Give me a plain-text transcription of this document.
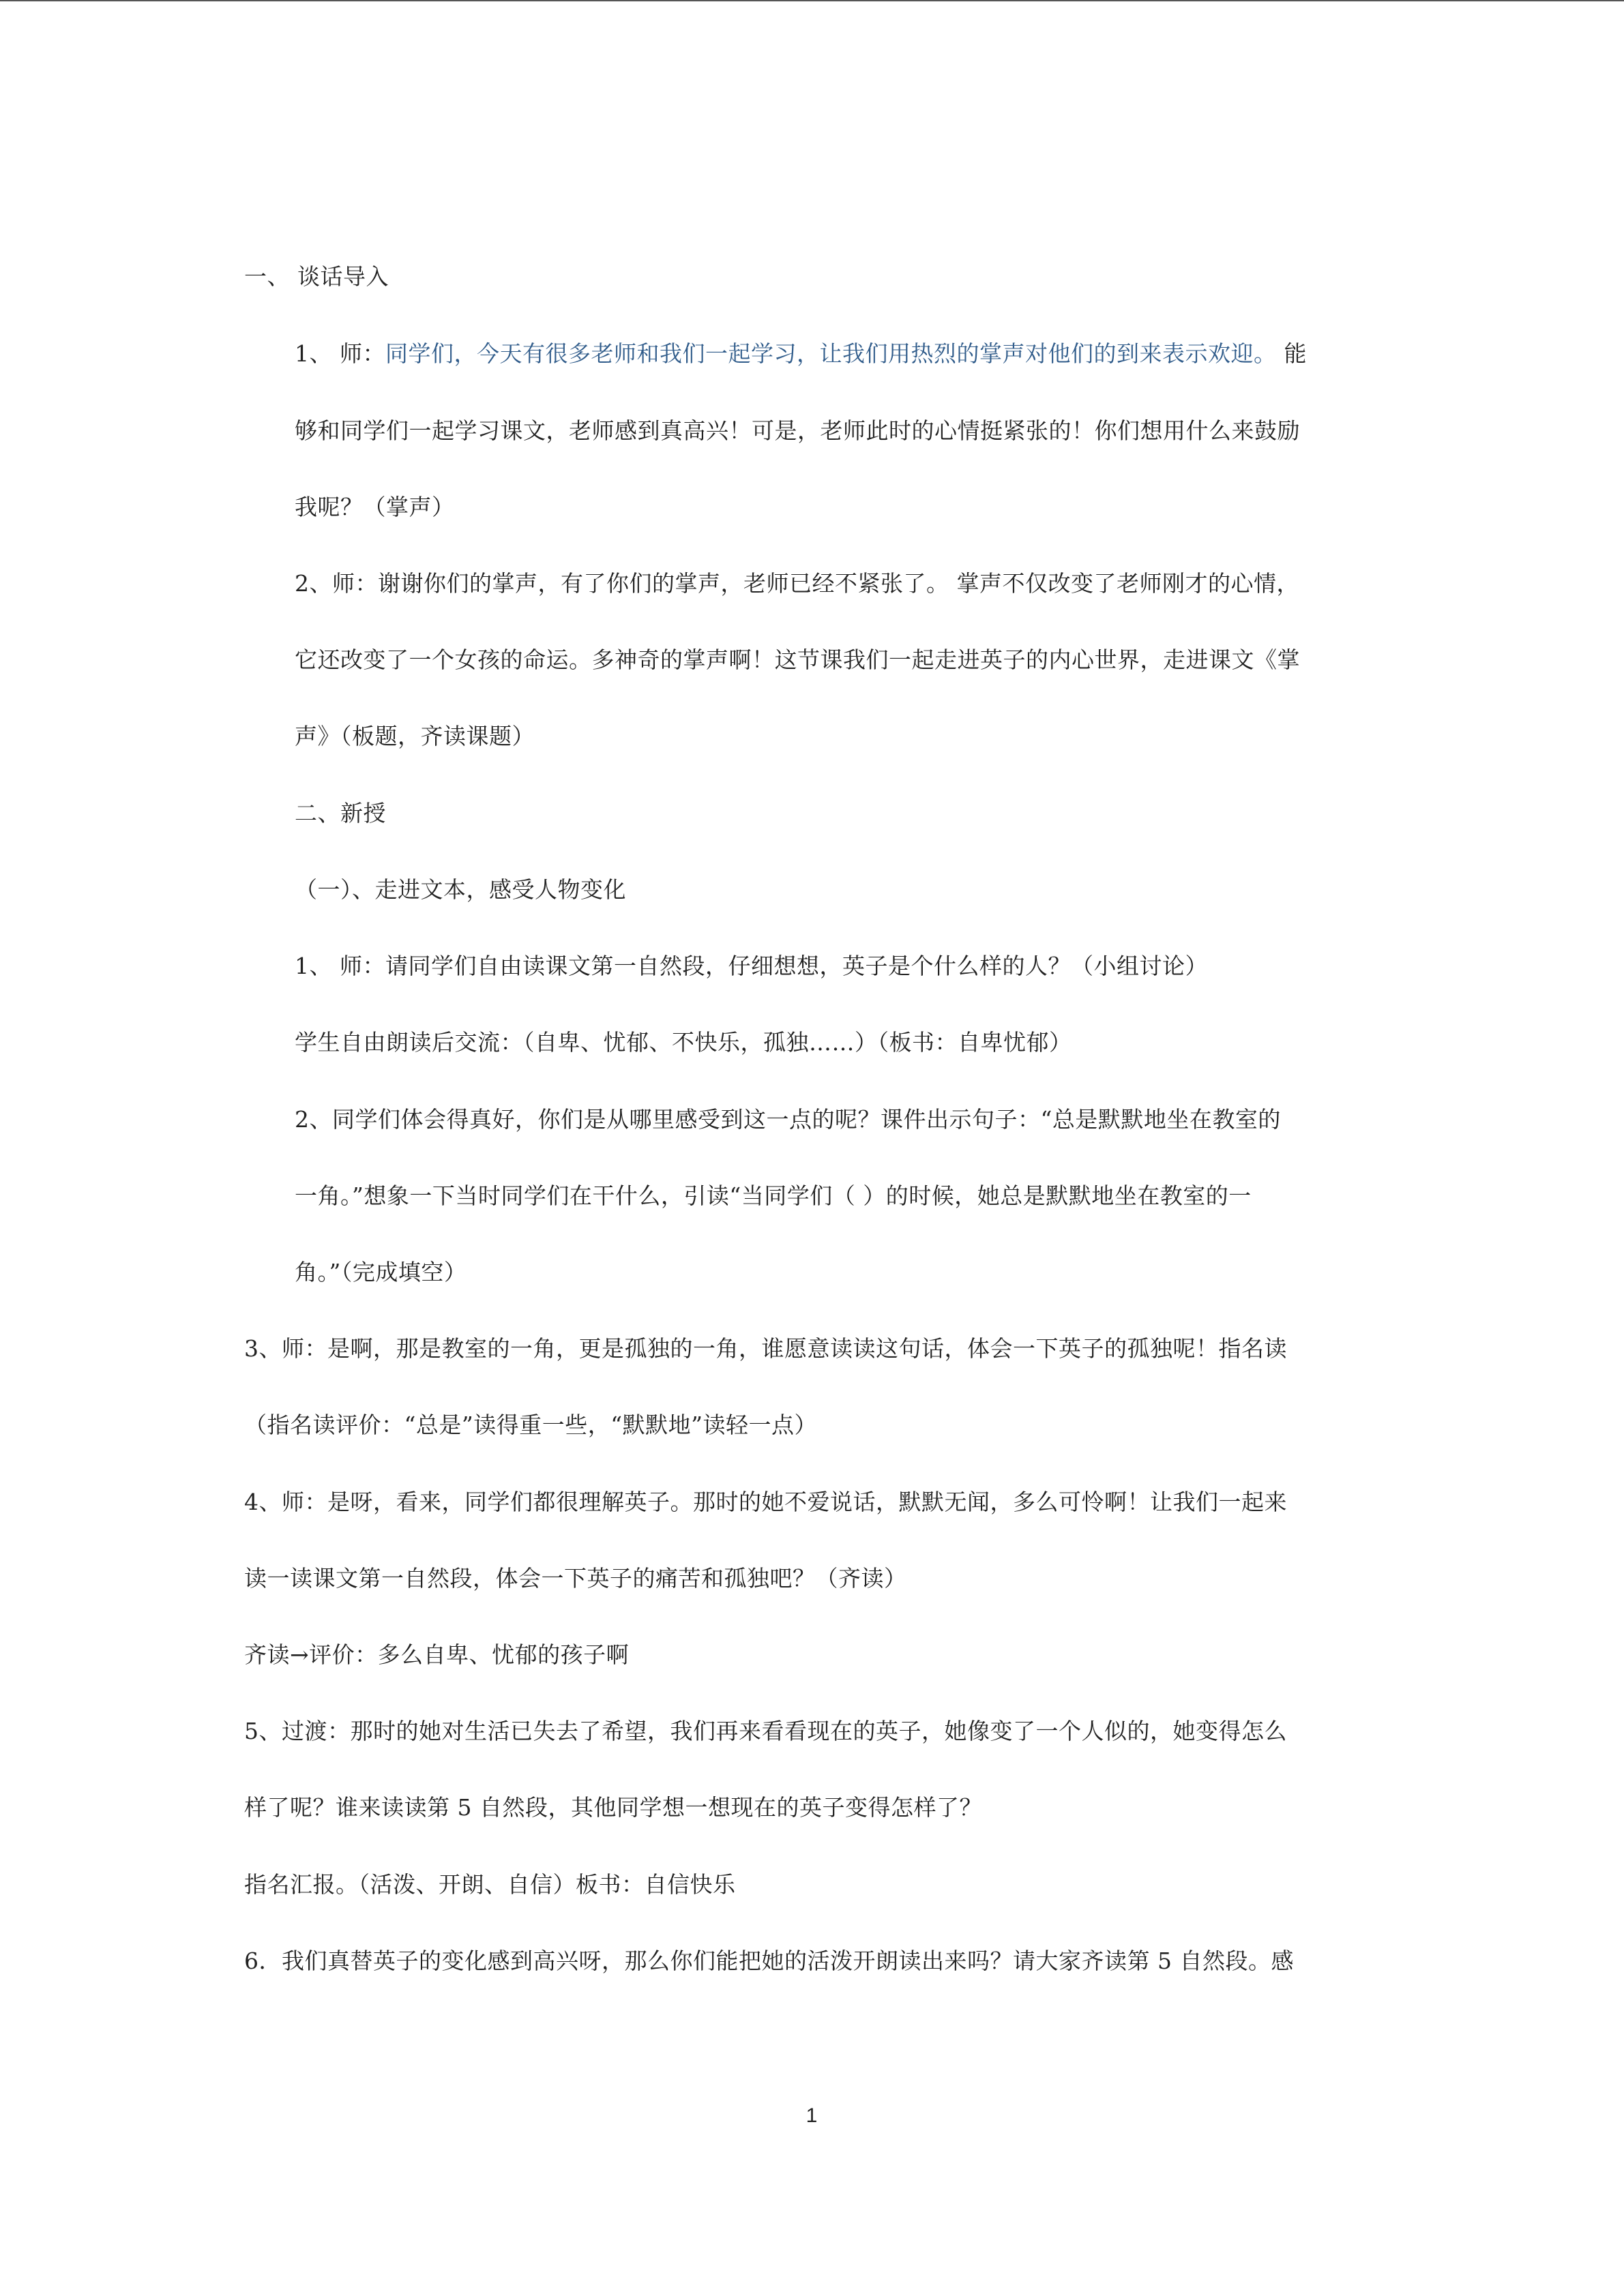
一、 谈话导入
1、 师：同学们，今天有很多老师和我们一起学习，让我们用热烈的掌声对他们的到来表示欢迎。 能
够和同学们一起学习课文，老师感到真高兴！可是，老师此时的心情挺紧张的！你们想用什么来鼓励
我呢？（掌声）
2、师：谢谢你们的掌声，有了你们的掌声，老师已经不紧张了。 掌声不仅改变了老师刚才的心情，
它还改变了一个女孩的命运。多神奇的掌声啊！这节课我们一起走进英子的内心世界，走进课文《掌
声》（板题，齐读课题）
二、新授
（一）、走进文本，感受人物变化
1、 师：请同学们自由读课文第一自然段，仔细想想，英子是个什么样的人？（小组讨论）
学生自由朗读后交流：（自卑、忧郁、不快乐，孤独……）（板书：自卑忧郁）
2、同学们体会得真好，你们是从哪里感受到这一点的呢？课件出示句子：“总是默默地坐在教室的
一角。”想象一下当时同学们在干什么，引读“当同学们（ ）的时候，她总是默默地坐在教室的一
角。”（完成填空）
3、师：是啊，那是教室的一角，更是孤独的一角，谁愿意读读这句话，体会一下英子的孤独呢！指名读
（指名读评价：“总是”读得重一些，“默默地”读轻一点）
4、师：是呀，看来，同学们都很理解英子。那时的她不爱说话，默默无闻，多么可怜啊！让我们一起来
读一读课文第一自然段，体会一下英子的痛苦和孤独吧？（齐读）
齐读→评价：多么自卑、忧郁的孩子啊
5、过渡：那时的她对生活已失去了希望，我们再来看看现在的英子，她像变了一个人似的，她变得怎么
样了呢？谁来读读第 5 自然段，其他同学想一想现在的英子变得怎样了？
指名汇报。（活泼、开朗、自信）板书：自信快乐
6．我们真替英子的变化感到高兴呀，那么你们能把她的活泼开朗读出来吗？请大家齐读第 5 自然段。感
1
